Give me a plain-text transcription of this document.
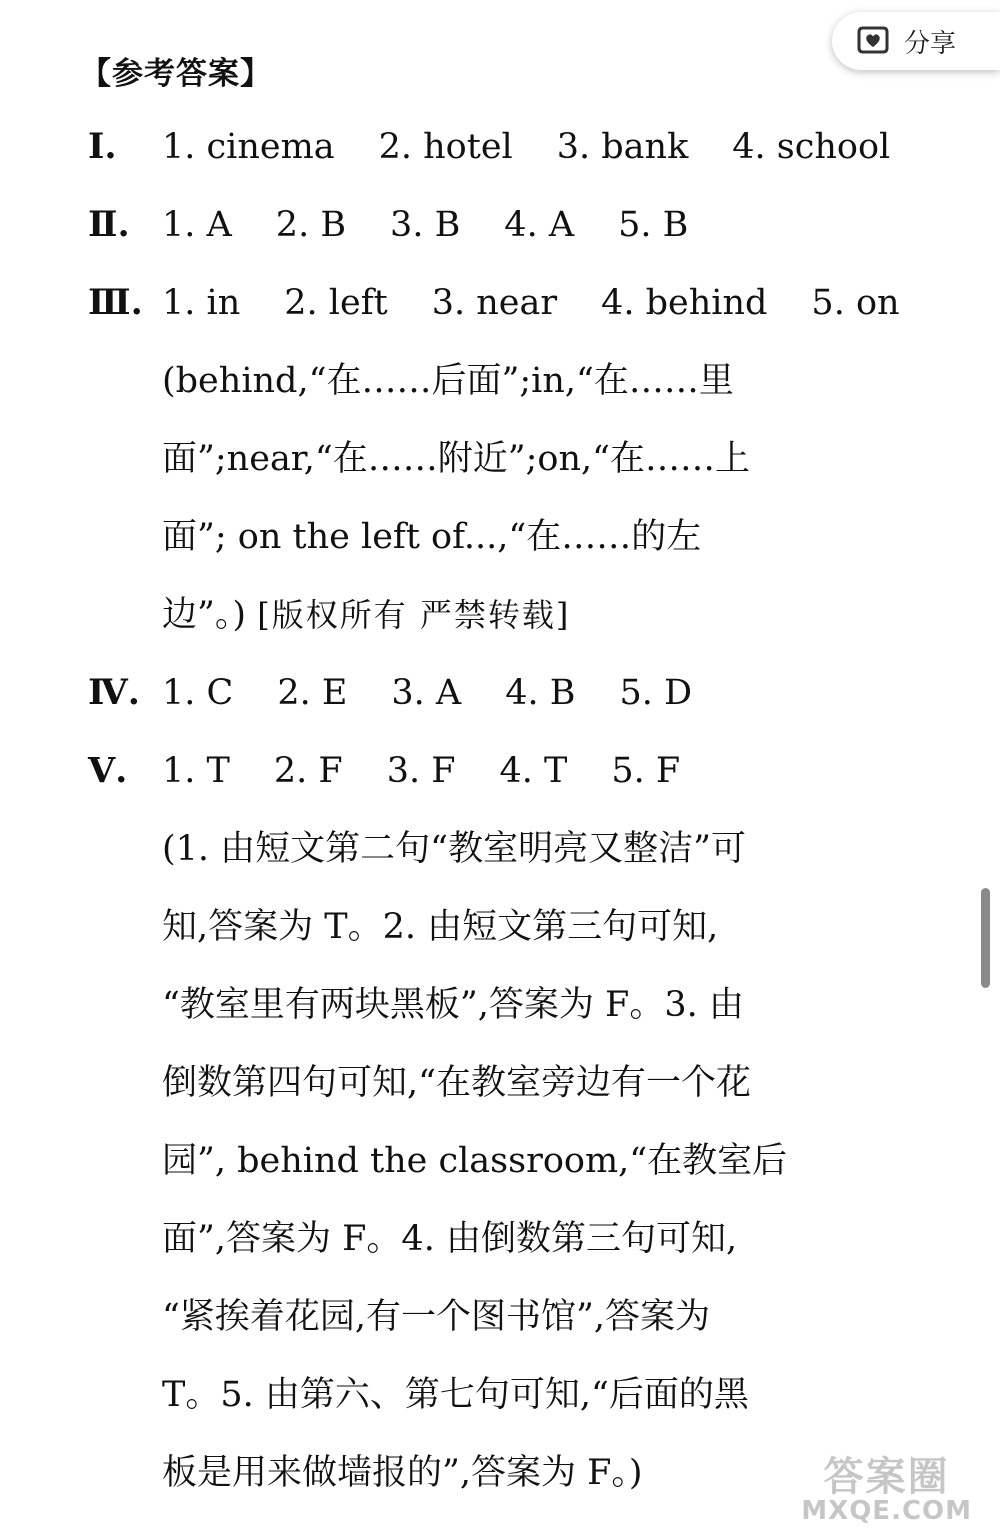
分享
【参考答案】
Ⅰ. 1. cinema 2. hotel 3. bank 4. school
Ⅱ. 1. A 2. B 3. B 4. A 5. B
Ⅲ. 1. in 2. left 3. near 4. behind 5. on
(behind,“在……后面”;in,“在……里
面”;near,“在……附近”;on,“在……上
面”; on the left of...,“在……的左
边”。) [版权所有 严禁转载]
Ⅳ. 1. C 2. E 3. A 4. B 5. D
Ⅴ. 1. T 2. F 3. F 4. T 5. F
(1. 由短文第二句“教室明亮又整洁”可
知,答案为 T。2. 由短文第三句可知,
“教室里有两块黑板”,答案为 F。3. 由
倒数第四句可知,“在教室旁边有一个花
园”, behind the classroom,“在教室后
面”,答案为 F。4. 由倒数第三句可知,
“紧挨着花园,有一个图书馆”,答案为
T。5. 由第六、第七句可知,“后面的黑
板是用来做墙报的”,答案为 F。)	答案圈
MXQE.COM
